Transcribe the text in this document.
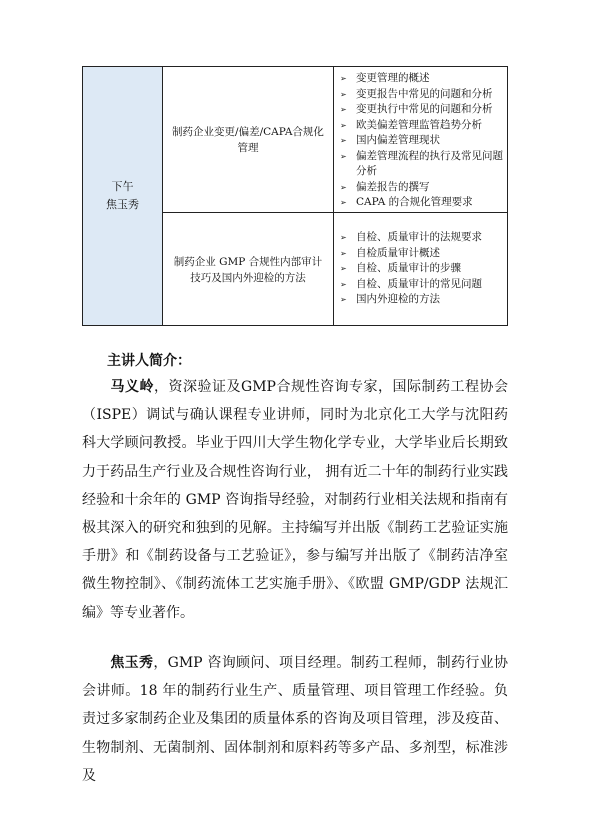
下午
焦玉秀
制药企业变更/偏差/CAPA合规化管理
➢ 变更管理的概述
➢ 变更报告中常见的问题和分析
➢ 变更执行中常见的问题和分析
➢ 欧美偏差管理监管趋势分析
➢ 国内偏差管理现状
➢ 偏差管理流程的执行及常见问题分析
➢ 偏差报告的撰写
➢ CAPA 的合规化管理要求
制药企业 GMP 合规性内部审计技巧及国内外迎检的方法
➢ 自检、质量审计的法规要求
➢ 自检质量审计概述
➢ 自检、质量审计的步骤
➢ 自检、质量审计的常见问题
➢ 国内外迎检的方法
主讲人简介：

马义岭，资深验证及GMP合规性咨询专家，国际制药工程协会（ISPE）调试与确认课程专业讲师，同时为北京化工大学与沈阳药科大学顾问教授。毕业于四川大学生物化学专业，大学毕业后长期致力于药品生产行业及合规性咨询行业， 拥有近二十年的制药行业实践经验和十余年的 GMP 咨询指导经验，对制药行业相关法规和指南有极其深入的研究和独到的见解。主持编写并出版《制药工艺验证实施手册》和《制药设备与工艺验证》，参与编写并出版了《制药洁净室微生物控制》、《制药流体工艺实施手册》、《欧盟 GMP/GDP 法规汇编》等专业著作。

焦玉秀，GMP 咨询顾问、项目经理。制药工程师，制药行业协会讲师。18 年的制药行业生产、质量管理、项目管理工作经验。负责过多家制药企业及集团的质量体系的咨询及项目管理，涉及疫苗、生物制剂、无菌制剂、固体制剂和原料药等多产品、多剂型，标准涉及
